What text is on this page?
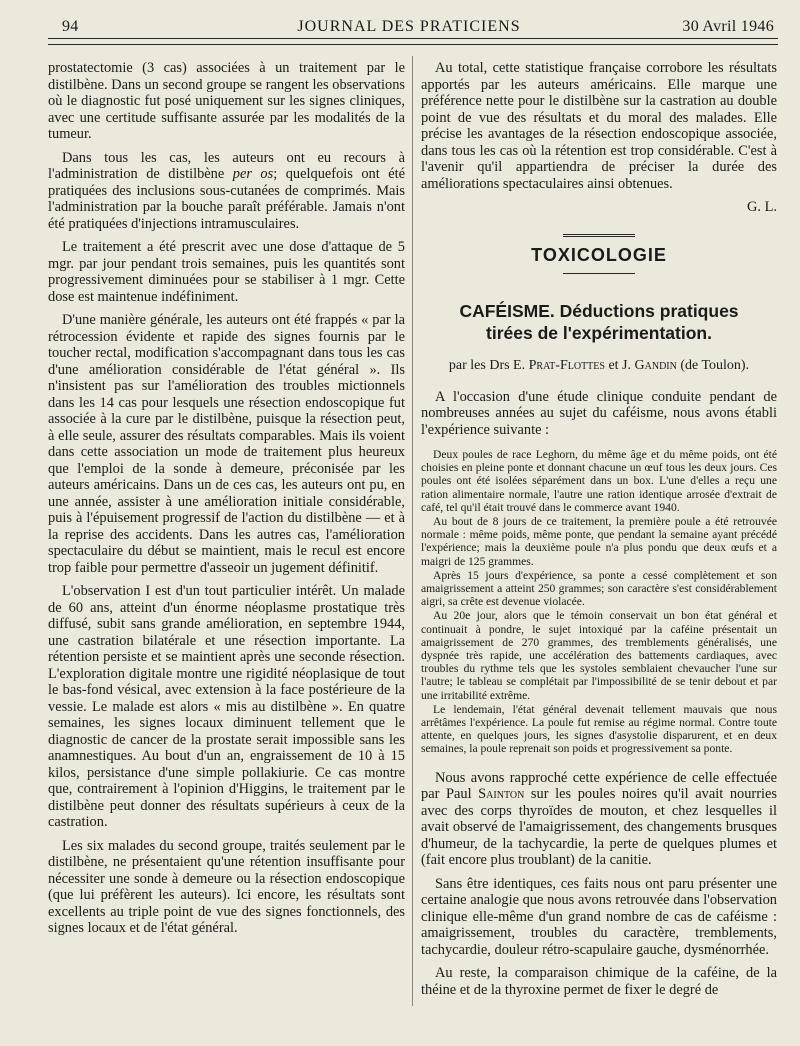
94	JOURNAL DES PRATICIENS	30 Avril 1946

prostatectomie (3 cas) associées à un traitement par le distilbène. Dans un second groupe se rangent les observations où le diagnostic fut posé uniquement sur les signes cliniques, avec une certitude suffisante assurée par les modalités de la tumeur.

Dans tous les cas, les auteurs ont eu recours à l'administration de distilbène per os; quelquefois ont été pratiquées des inclusions sous-cutanées de comprimés. Mais l'administration par la bouche paraît préférable. Jamais n'ont été pratiquées d'injections intramusculaires.

Le traitement a été prescrit avec une dose d'attaque de 5 mgr. par jour pendant trois semaines, puis les quantités sont progressivement diminuées pour se stabiliser à 1 mgr. Cette dose est maintenue indéfiniment.

D'une manière générale, les auteurs ont été frappés « par la rétrocession évidente et rapide des signes fournis par le toucher rectal, modification s'accompagnant dans tous les cas d'une amélioration considérable de l'état général ». Ils n'insistent pas sur l'amélioration des troubles mictionnels dans les 14 cas pour lesquels une résection endoscopique fut associée à la cure par le distilbène, puisque la résection peut, à elle seule, assurer des résultats comparables. Mais ils voient dans cette association un mode de traitement plus heureux que l'emploi de la sonde à demeure, préconisée par les auteurs américains. Dans un de ces cas, les auteurs ont pu, en une année, assister à une amélioration initiale considérable, puis à l'épuisement progressif de l'action du distilbène — et à la reprise des accidents. Dans les autres cas, l'amélioration spectaculaire du début se maintient, mais le recul est encore trop faible pour permettre d'asseoir un jugement définitif.

L'observation I est d'un tout particulier intérêt. Un malade de 60 ans, atteint d'un énorme néoplasme prostatique très diffusé, subit sans grande amélioration, en septembre 1944, une castration bilatérale et une résection importante. La rétention persiste et se maintient après une seconde résection. L'exploration digitale montre une rigidité néoplasique de tout le bas-fond vésical, avec extension à la face postérieure de la vessie. Le malade est alors « mis au distilbène ». En quatre semaines, les signes locaux diminuent tellement que le diagnostic de cancer de la prostate serait impossible sans les anamnestiques. Au bout d'un an, engraissement de 10 à 15 kilos, persistance d'une simple pollakiurie. Ce cas montre que, contrairement à l'opinion d'Higgins, le traitement par le distilbène peut donner des résultats supérieurs à ceux de la castration.

Les six malades du second groupe, traités seulement par le distilbène, ne présentaient qu'une rétention insuffisante pour nécessiter une sonde à demeure ou la résection endoscopique (que lui préfèrent les auteurs). Ici encore, les résultats sont excellents au triple point de vue des signes fonctionnels, des signes locaux et de l'état général.

Au total, cette statistique française corrobore les résultats apportés par les auteurs américains. Elle marque une préférence nette pour le distilbène sur la castration au double point de vue des résultats et du moral des malades. Elle précise les avantages de la résection endoscopique associée, dans tous les cas où la rétention est trop considérable. C'est à l'avenir qu'il appartiendra de préciser la durée des améliorations spectaculaires ainsi obtenues.

G. L.

TOXICOLOGIE
CAFÉISME. Déductions pratiques
tirées de l'expérimentation.

par les Drs E. Prat-Flottes et J. Gandin (de Toulon).

A l'occasion d'une étude clinique conduite pendant de nombreuses années au sujet du caféisme, nous avons établi l'expérience suivante :

Deux poules de race Leghorn, du même âge et du même poids, ont été choisies en pleine ponte et donnant chacune un œuf tous les deux jours. Ces poules ont été isolées séparément dans un box. L'une d'elles a reçu une ration alimentaire normale, l'autre une ration identique arrosée d'extrait de café, tel qu'il était trouvé dans le commerce avant 1940.

Au bout de 8 jours de ce traitement, la première poule a été retrouvée normale : même poids, même ponte, que pendant la semaine ayant précédé l'expérience; mais la deuxième poule n'a plus pondu que deux œufs et a maigri de 125 grammes.

Après 15 jours d'expérience, sa ponte a cessé complètement et son amaigrissement a atteint 250 grammes; son caractère s'est considérablement aigri, sa crête est devenue violacée.

Au 20e jour, alors que le témoin conservait un bon état général et continuait à pondre, le sujet intoxiqué par la caféine présentait un amaigrissement de 270 grammes, des tremblements généralisés, une dyspnée très rapide, une accélération des battements cardiaques, avec troubles du rythme tels que les systoles semblaient chevaucher l'une sur l'autre; le tableau se complétait par l'impossibilité de se tenir debout et par une irritabilité extrême.

Le lendemain, l'état général devenait tellement mauvais que nous arrêtâmes l'expérience. La poule fut remise au régime normal. Contre toute attente, en quelques jours, les signes d'asystolie disparurent, et en deux semaines, la poule reprenait son poids et progressivement sa ponte.

Nous avons rapproché cette expérience de celle effectuée par Paul Sainton sur les poules noires qu'il avait nourries avec des corps thyroïdes de mouton, et chez lesquelles il avait observé de l'amaigrissement, des changements brusques d'humeur, de la tachycardie, la perte de quelques plumes et (fait encore plus troublant) de la canitie.

Sans être identiques, ces faits nous ont paru présenter une certaine analogie que nous avons retrouvée dans l'observation clinique elle-même d'un grand nombre de cas de caféisme : amaigrissement, troubles du caractère, tremblements, tachycardie, douleur rétro-scapulaire gauche, dysménorrhée.

Au reste, la comparaison chimique de la caféine, de la théine et de la thyroxine permet de fixer le degré de
